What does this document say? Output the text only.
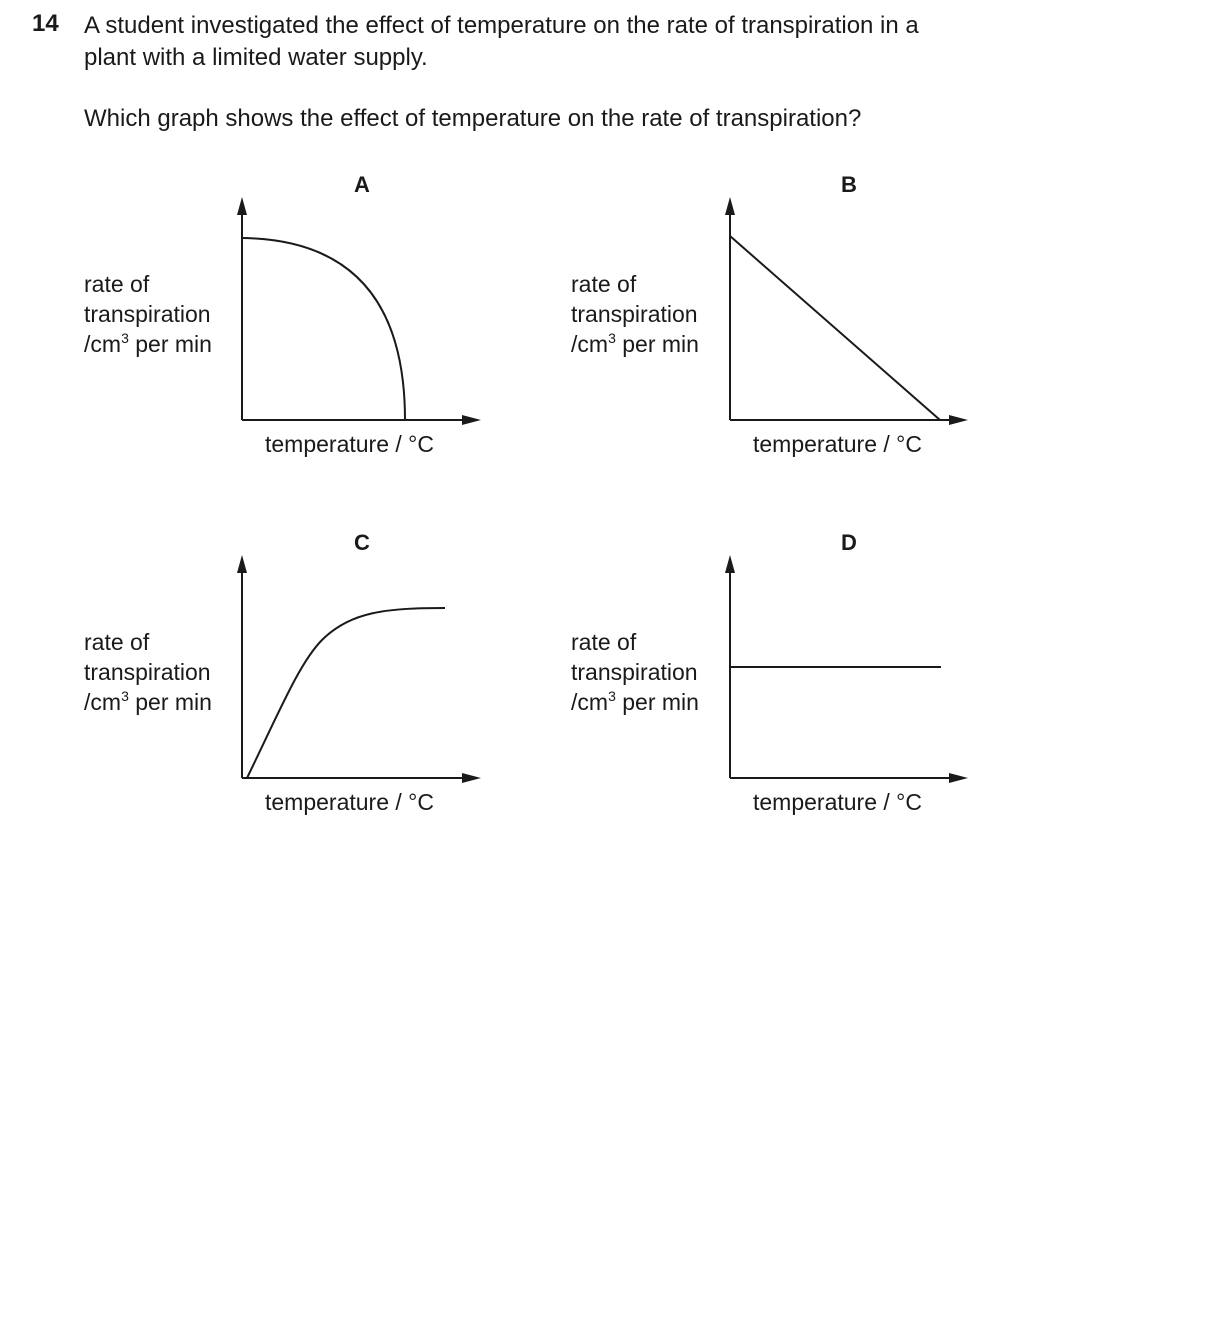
14 A student investigated the effect of temperature on the rate of transpiration in a
plant with a limited water supply.
Which graph shows the effect of temperature on the rate of transpiration?
A
rate of
transpiration
$/cm^3$ per min
temperature / °C
B
rate of
transpiration
$/cm^3$ per min
temperature / °C
C
rate of
transpiration
$/cm^3$ per min
temperature / °C
D
rate of
transpiration
$/cm^3$ per min
temperature / °C
